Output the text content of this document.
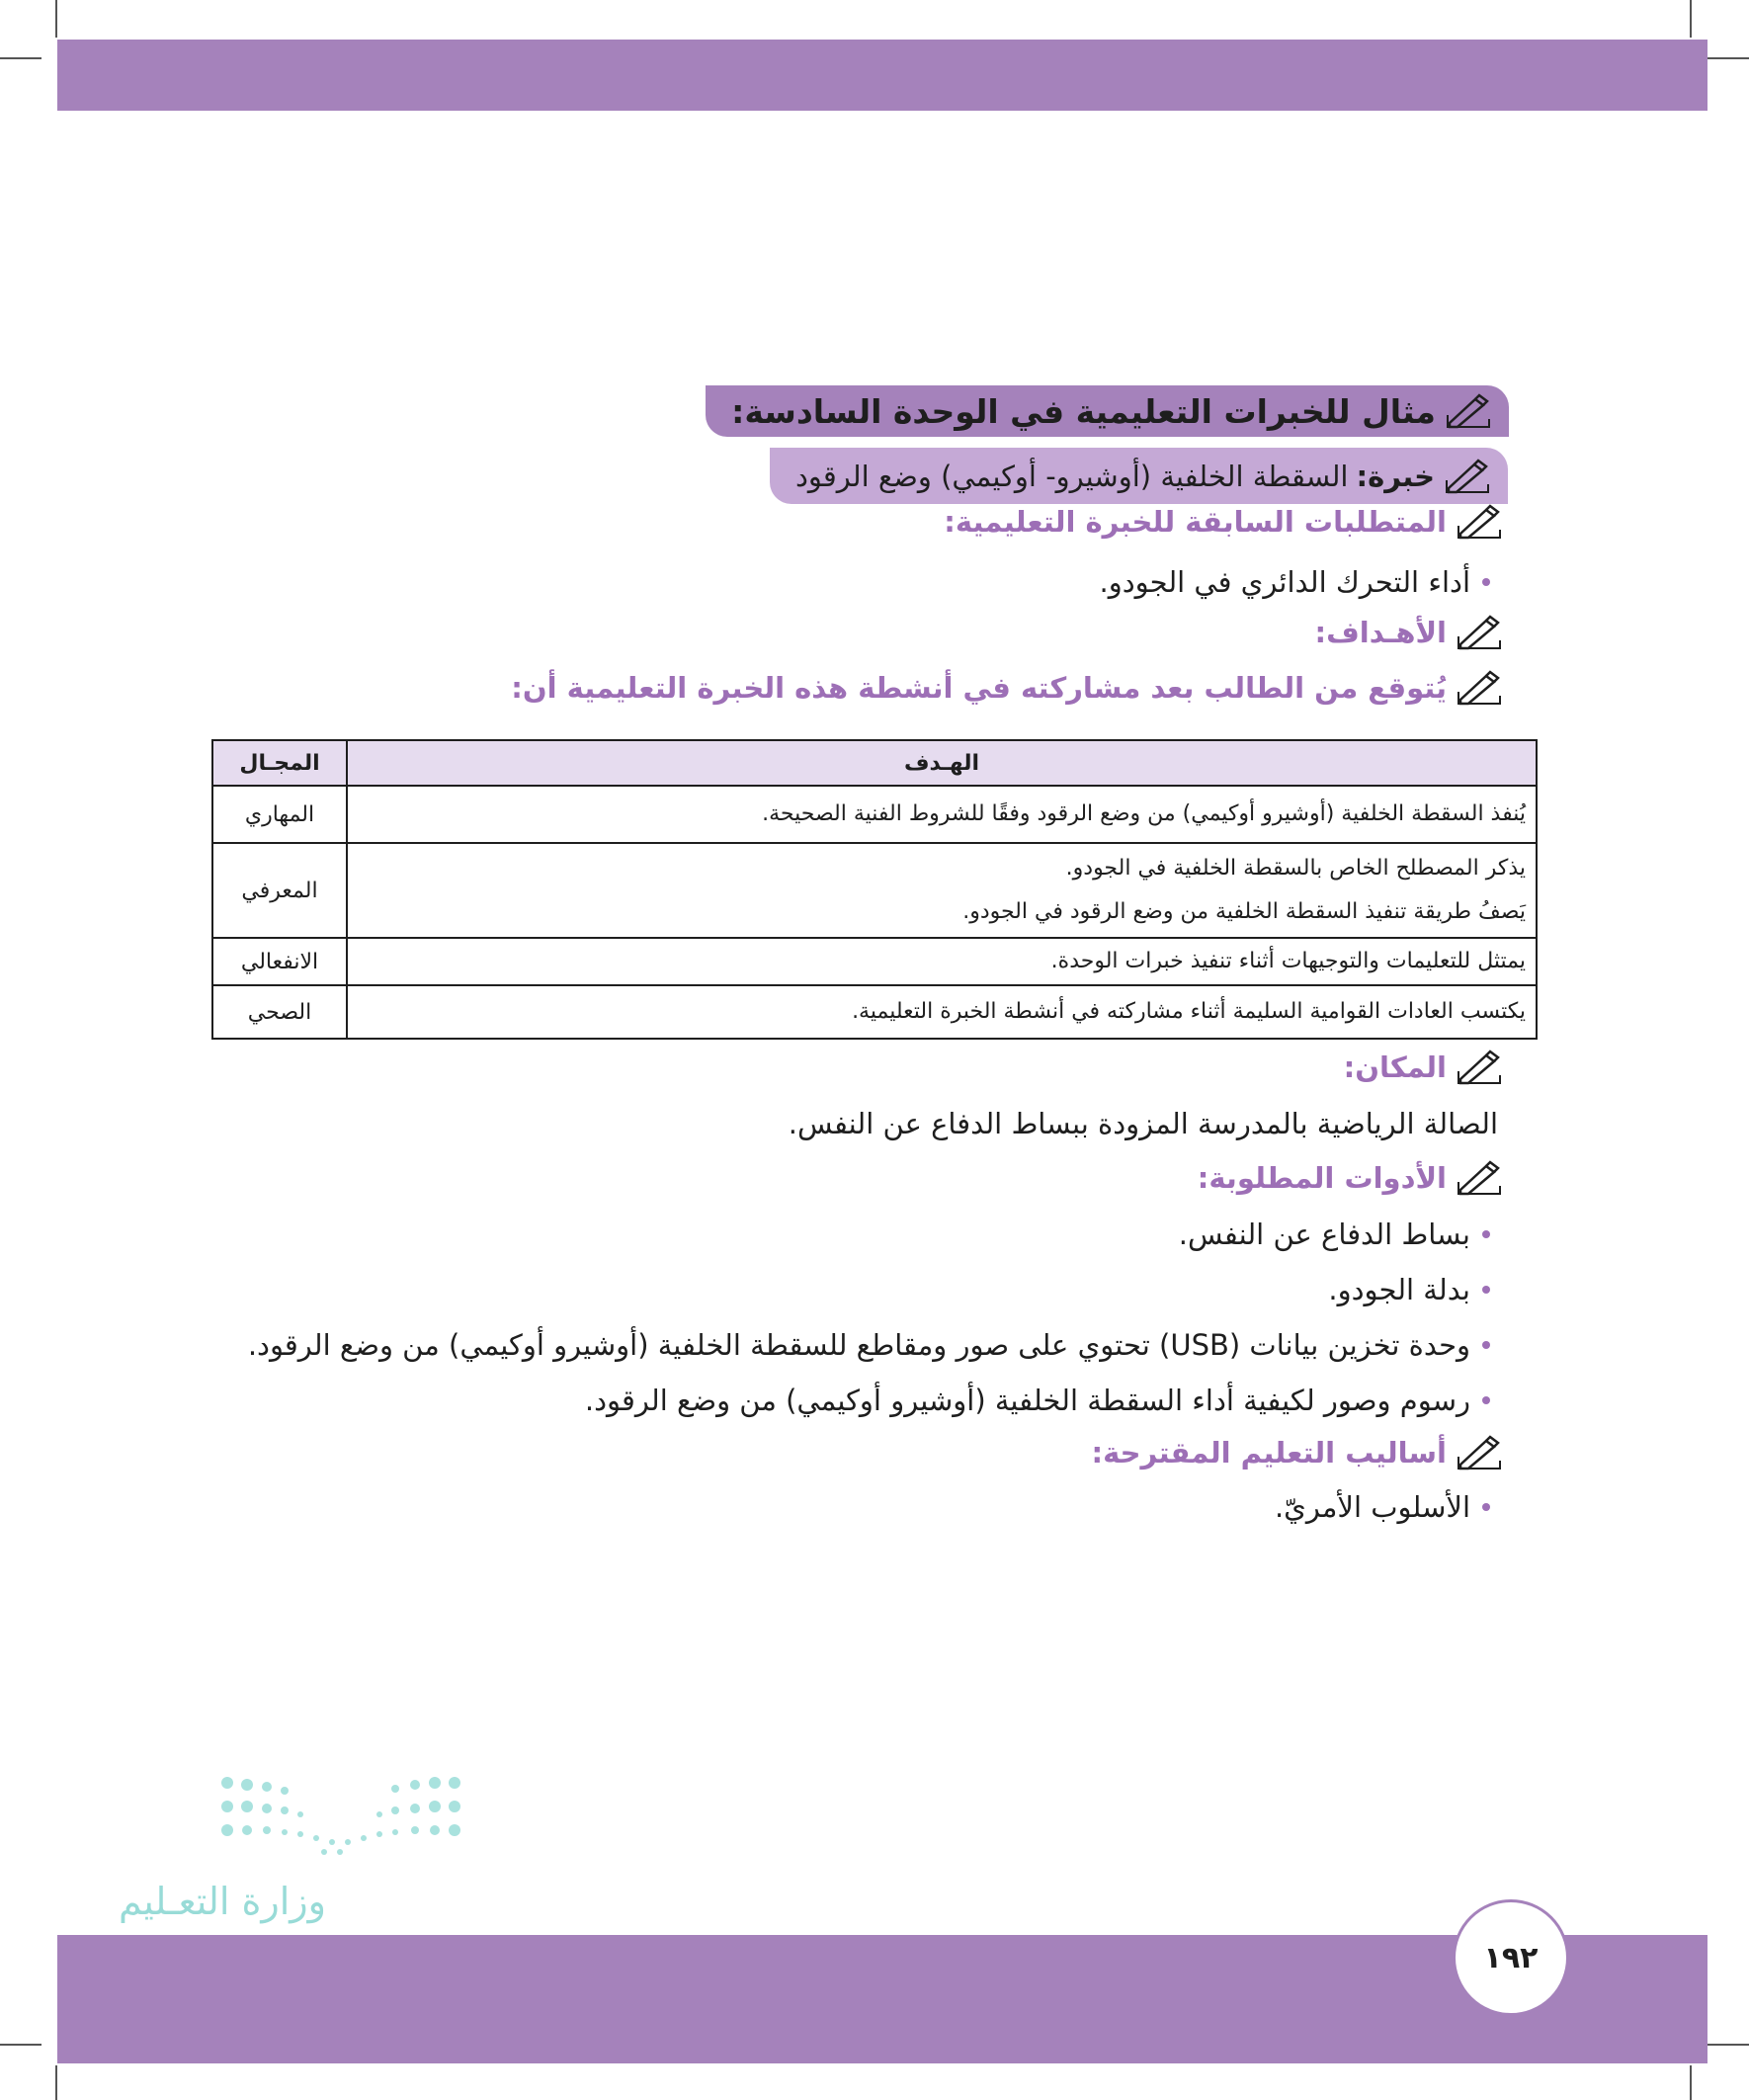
مثال للخبرات التعليمية في الوحدة السادسة:
خبرة:
السقطة الخلفية (أوشيرو- أوكيمي) وضع الرقود
المتطلبات السابقة للخبرة التعليمية:
أداء التحرك الدائري في الجودو.
الأهـداف:
يُتوقع من الطالب بعد مشاركته في أنشطة هذه الخبرة التعليمية أن:
الهـدف	المجـال

يُنفذ السقطة الخلفية (أوشيرو أوكيمي) من وضع الرقود وفقًا للشروط الفنية الصحيحة.	المهاري

يذكر المصطلح الخاص بالسقطة الخلفية في الجودو.
يَصفُ طريقة تنفيذ السقطة الخلفية من وضع الرقود في الجودو.	المعرفي

يمتثل للتعليمات والتوجيهات أثناء تنفيذ خبرات الوحدة.	الانفعالي

يكتسب العادات القوامية السليمة أثناء مشاركته في أنشطة الخبرة التعليمية.	الصحي
المكان:
الصالة الرياضية بالمدرسة المزودة ببساط الدفاع عن النفس.
الأدوات المطلوبة:
بساط الدفاع عن النفس.
بدلة الجودو.
وحدة تخزين بيانات (USB) تحتوي على صور ومقاطع للسقطة الخلفية (أوشيرو أوكيمي) من وضع الرقود.
رسوم وصور لكيفية أداء السقطة الخلفية (أوشيرو أوكيمي) من وضع الرقود.
أساليب التعليم المقترحة:
الأسلوب الأمريّ.
وزارة التعـليم
١٩٢
